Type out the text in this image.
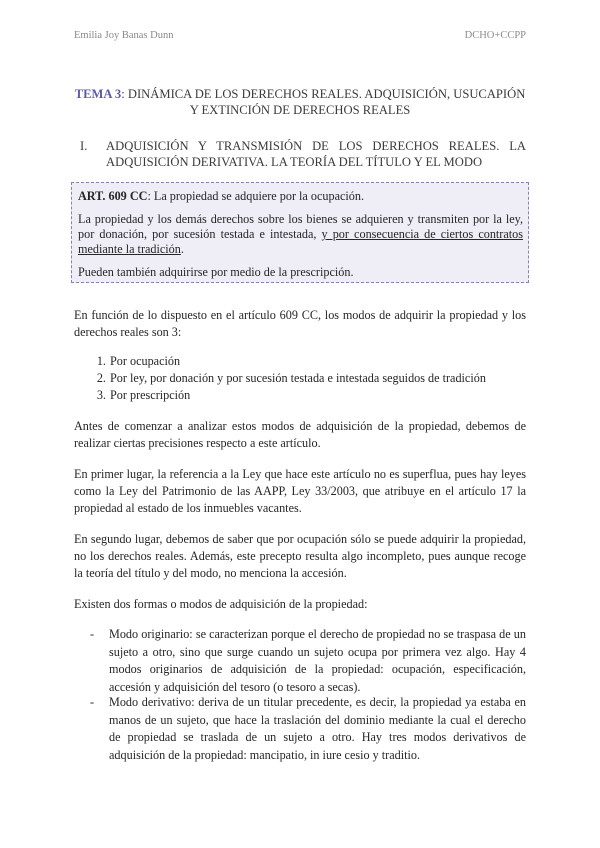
Emilia Joy Banas Dunn	DCHO+CCPP
TEMA 3: DINÁMICA DE LOS DERECHOS REALES. ADQUISICIÓN, USUCAPIÓN Y EXTINCIÓN DE DERECHOS REALES
I. ADQUISICIÓN Y TRANSMISIÓN DE LOS DERECHOS REALES. LA ADQUISICIÓN DERIVATIVA. LA TEORÍA DEL TÍTULO Y EL MODO

ART. 609 CC: La propiedad se adquiere por la ocupación.

La propiedad y los demás derechos sobre los bienes se adquieren y transmiten por la ley, por donación, por sucesión testada e intestada, y por consecuencia de ciertos contratos mediante la tradición.

Pueden también adquirirse por medio de la prescripción.

En función de lo dispuesto en el artículo 609 CC, los modos de adquirir la propiedad y los derechos reales son 3:

1. Por ocupación
2. Por ley, por donación y por sucesión testada e intestada seguidos de tradición
3. Por prescripción

Antes de comenzar a analizar estos modos de adquisición de la propiedad, debemos de realizar ciertas precisiones respecto a este artículo.

En primer lugar, la referencia a la Ley que hace este artículo no es superflua, pues hay leyes como la Ley del Patrimonio de las AAPP, Ley 33/2003, que atribuye en el artículo 17 la propiedad al estado de los inmuebles vacantes.

En segundo lugar, debemos de saber que por ocupación sólo se puede adquirir la propiedad, no los derechos reales. Además, este precepto resulta algo incompleto, pues aunque recoge la teoría del título y del modo, no menciona la accesión.

Existen dos formas o modos de adquisición de la propiedad:

- Modo originario: se caracterizan porque el derecho de propiedad no se traspasa de un sujeto a otro, sino que surge cuando un sujeto ocupa por primera vez algo. Hay 4 modos originarios de adquisición de la propiedad: ocupación, especificación, accesión y adquisición del tesoro (o tesoro a secas).
- Modo derivativo: deriva de un titular precedente, es decir, la propiedad ya estaba en manos de un sujeto, que hace la traslación del dominio mediante la cual el derecho de propiedad se traslada de un sujeto a otro. Hay tres modos derivativos de adquisición de la propiedad: mancipatio, in iure cesio y traditio.
